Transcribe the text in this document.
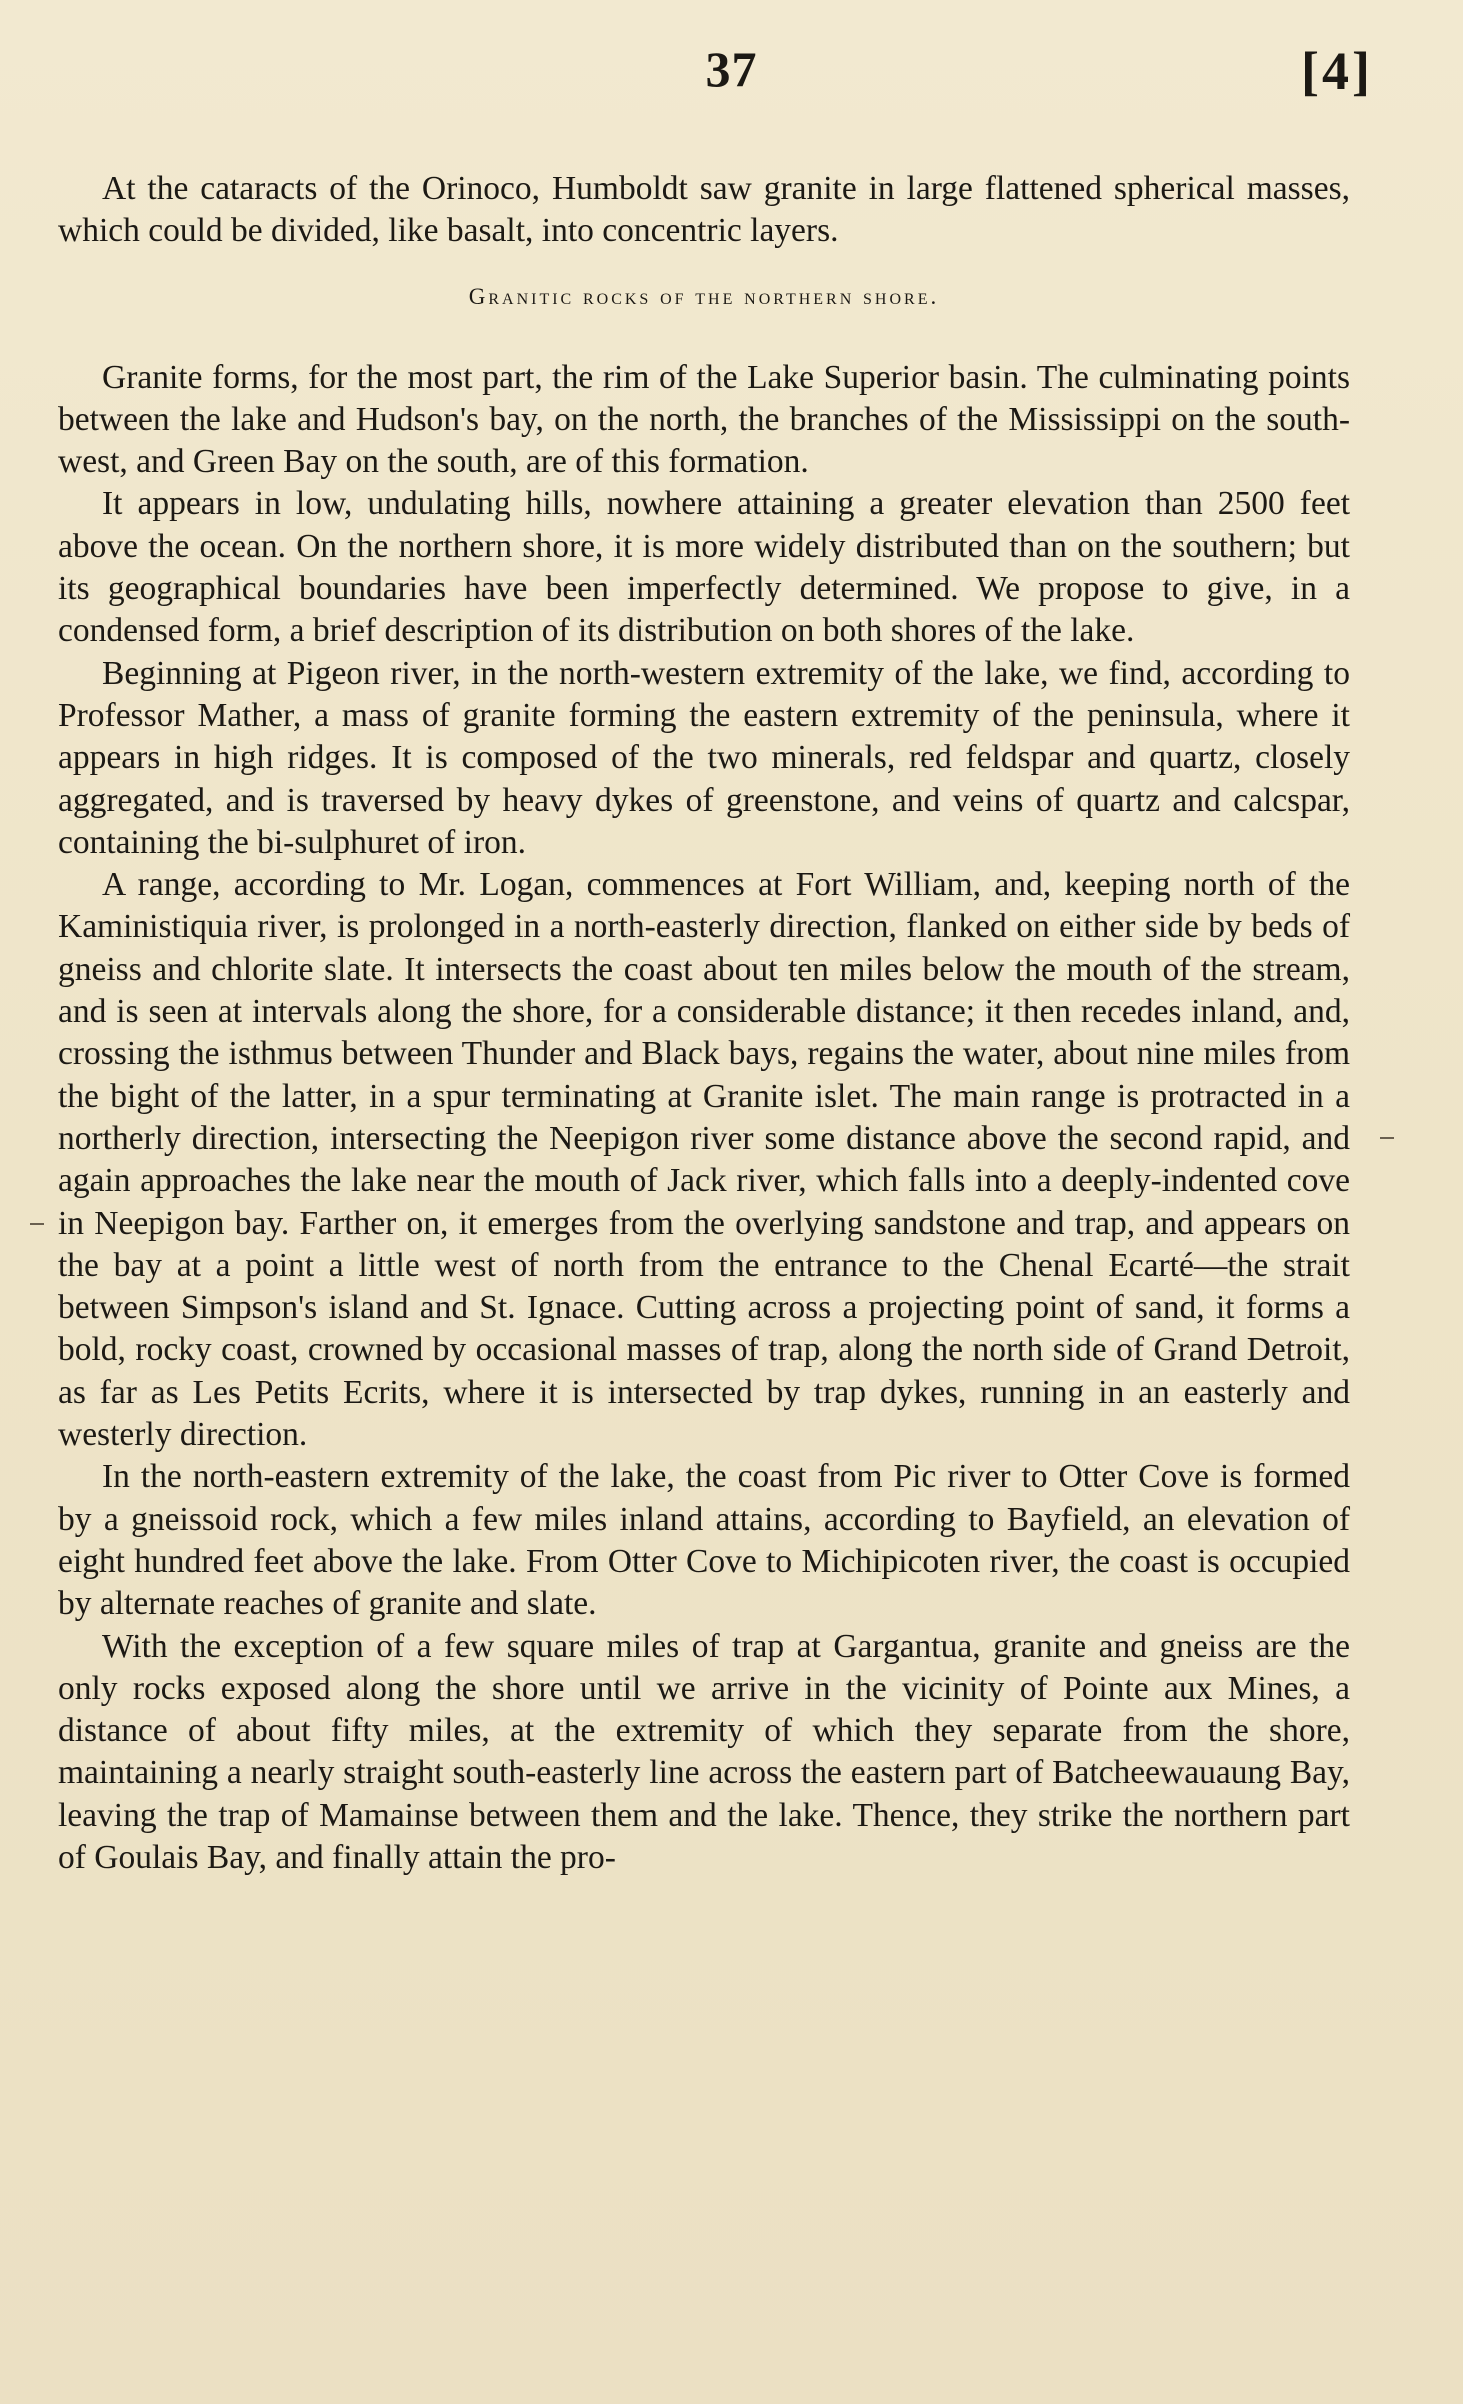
37	[4]

At the cataracts of the Orinoco, Humboldt saw granite in large flattened spherical masses, which could be divided, like basalt, into concentric layers.

Granitic rocks of the northern shore.

Granite forms, for the most part, the rim of the Lake Superior basin. The culminating points between the lake and Hudson's bay, on the north, the branches of the Mississippi on the south-west, and Green Bay on the south, are of this formation.

It appears in low, undulating hills, nowhere attaining a greater elevation than 2500 feet above the ocean. On the northern shore, it is more widely distributed than on the southern; but its geographical boundaries have been imperfectly determined. We propose to give, in a condensed form, a brief description of its distribution on both shores of the lake.

Beginning at Pigeon river, in the north-western extremity of the lake, we find, according to Professor Mather, a mass of granite forming the eastern extremity of the peninsula, where it appears in high ridges. It is composed of the two minerals, red feldspar and quartz, closely aggregated, and is traversed by heavy dykes of greenstone, and veins of quartz and calcspar, containing the bi-sulphuret of iron.

A range, according to Mr. Logan, commences at Fort William, and, keeping north of the Kaministiquia river, is prolonged in a north-easterly direction, flanked on either side by beds of gneiss and chlorite slate. It intersects the coast about ten miles below the mouth of the stream, and is seen at intervals along the shore, for a considerable distance; it then recedes inland, and, crossing the isthmus between Thunder and Black bays, regains the water, about nine miles from the bight of the latter, in a spur terminating at Granite islet. The main range is protracted in a northerly direction, intersecting the Neepigon river some distance above the second rapid, and again approaches the lake near the mouth of Jack river, which falls into a deeply-indented cove in Neepigon bay. Farther on, it emerges from the overlying sandstone and trap, and appears on the bay at a point a little west of north from the entrance to the Chenal Ecarté—the strait between Simpson's island and St. Ignace. Cutting across a projecting point of sand, it forms a bold, rocky coast, crowned by occasional masses of trap, along the north side of Grand Detroit, as far as Les Petits Ecrits, where it is intersected by trap dykes, running in an easterly and westerly direction.

In the north-eastern extremity of the lake, the coast from Pic river to Otter Cove is formed by a gneissoid rock, which a few miles inland attains, according to Bayfield, an elevation of eight hundred feet above the lake. From Otter Cove to Michipicoten river, the coast is occupied by alternate reaches of granite and slate.

With the exception of a few square miles of trap at Gargantua, granite and gneiss are the only rocks exposed along the shore until we arrive in the vicinity of Pointe aux Mines, a distance of about fifty miles, at the extremity of which they separate from the shore, maintaining a nearly straight south-easterly line across the eastern part of Batcheewauaung Bay, leaving the trap of Mamainse between them and the lake. Thence, they strike the northern part of Goulais Bay, and finally attain the pro-
